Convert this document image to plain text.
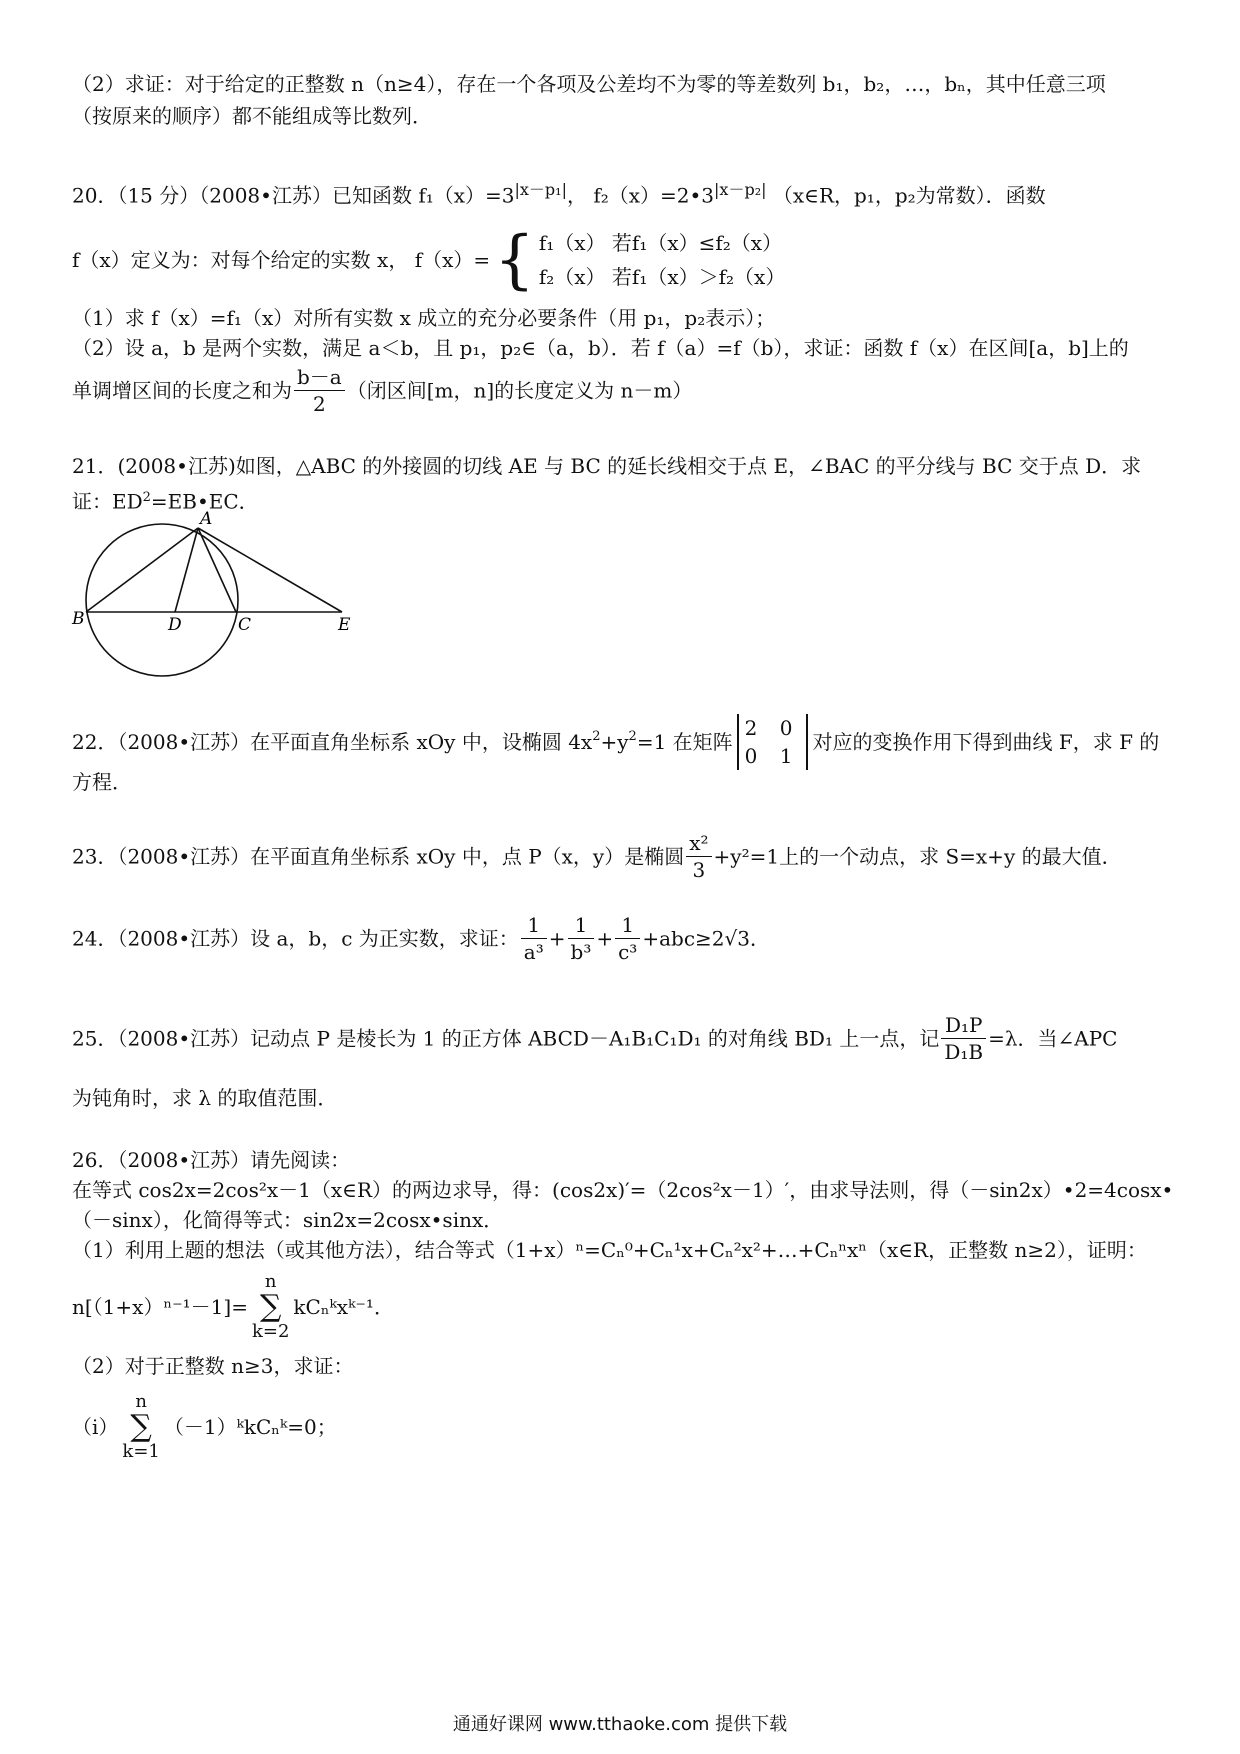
（2）求证：对于给定的正整数 n（n≥4），存在一个各项及公差均不为零的等差数列 b₁，b₂，…，bₙ，其中任意三项
（按原来的顺序）都不能组成等比数列．
20．（15 分）（2008•江苏）已知函数 $f_1(x)=3^{|x-p_1|}$， $f_2(x)=2•3^{|x-p_2|}$ （x∈R，p₁，p₂为常数）．函数
f（x）定义为：对每个给定的实数 x， f（x）={ f₁（x） 若f₁（x）≤f₂（x）
f₂（x） 若f₁（x）＞f₂（x）
（1）求 f（x）=f₁（x）对所有实数 x 成立的充分必要条件（用 p₁，p₂表示）；
（2）设 a，b 是两个实数，满足 a＜b，且 p₁，p₂∈（a，b）．若 f（a）=f（b），求证：函数 f（x）在区间[a，b]上的
单调增区间的长度之和为 $\frac{b-a}{2}$ （闭区间[m，n]的长度定义为 n－m）
21．(2008•江苏)如图，△ABC 的外接圆的切线 AE 与 BC 的延长线相交于点 E，∠BAC 的平分线与 BC 交于点 D．求
证：$ED^2=EB•EC$．
A
B	D	C	E
22．（2008•江苏）在平面直角坐标系 xOy 中，设椭圆 $4x^2+y^2=1$ 在矩阵
2 0
0 1
对应的变换作用下得到曲线 F，求 F 的
方程．
23．（2008•江苏）在平面直角坐标系 xOy 中，点 P（x，y）是椭圆 $\frac{\text{x²}}{3} +y^2=1$上的一个动点，求 S=x+y 的最大值．
24．（2008•江苏）设 a，b，c 为正实数，求证： $\frac{1}{\text{a³}} + \frac{1}{\text{b³}} + \frac{1}{\text{c³}} +abc\ge 2√3$．
25．（2008•江苏）记动点 P 是棱长为 1 的正方体 ABCD－A₁B₁C₁D₁ 的对角线 BD₁ 上一点，记 $\frac{\text{D₁P}}{\text{D₁B}} =\lambda$．当∠APC
为钝角时，求 λ 的取值范围．
26．（2008•江苏）请先阅读：
在等式 cos2x=2cos²x－1（x∈R）的两边求导，得：(cos2x)′=（2cos²x－1）′，由求导法则，得（－sin2x）•2=4cosx•
（－sinx），化简得等式：sin2x=2cosx•sinx．
（1）利用上题的想法（或其他方法），结合等式（1+x）ⁿ=Cₙ⁰+Cₙ¹x+Cₙ²x²+…+Cₙⁿxⁿ（x∈R，正整数 n≥2），证明：
n[（1+x）ⁿ⁻¹－1]=
n
∑
k=2
kCₙᵏxᵏ⁻¹．
（2）对于正整数 n≥3，求证：
（i）
n
∑
k=1
（－1）ᵏkCₙᵏ=0；
通通好课网 www.tthaoke.com 提供下载
